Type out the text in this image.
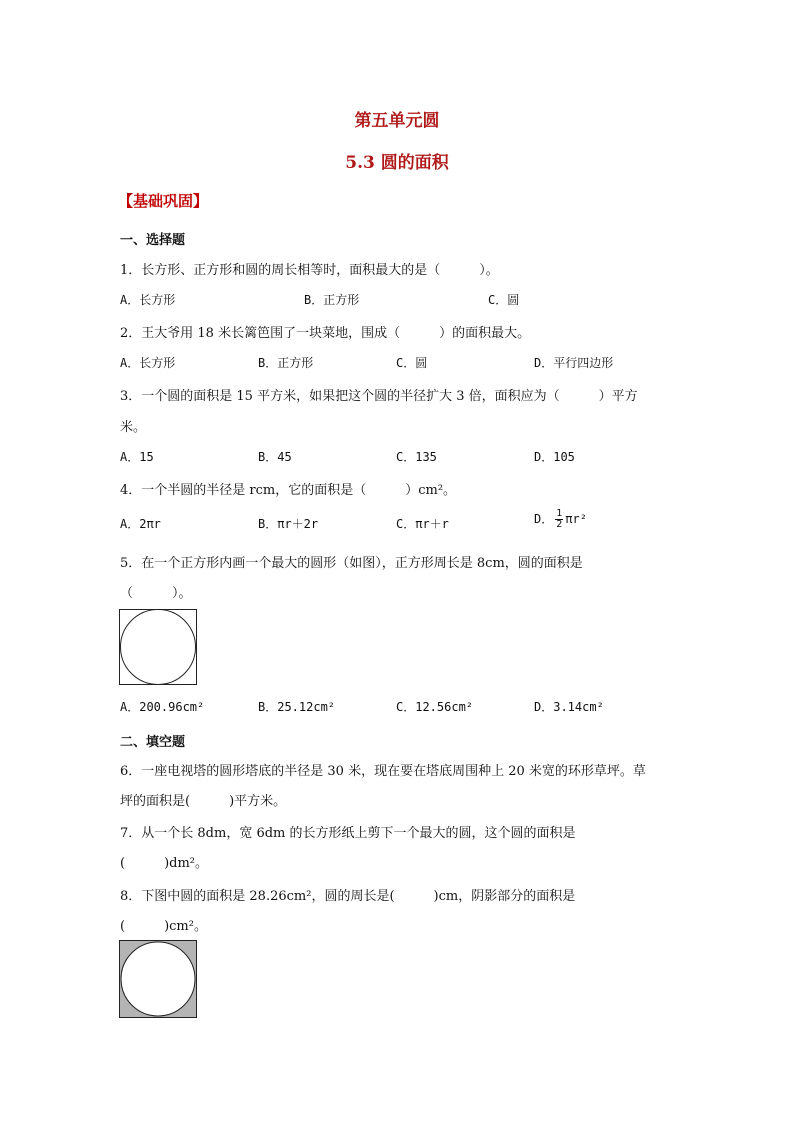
第五单元圆
5.3 圆的面积
【基础巩固】
一、选择题
1．长方形、正方形和圆的周长相等时，面积最大的是（　　　）。
A．长方形	B．正方形	C．圆
2．王大爷用 18 米长篱笆围了一块菜地，围成（　　　）的面积最大。
A．长方形	B．正方形	C．圆	D．平行四边形
3．一个圆的面积是 15 平方米，如果把这个圆的半径扩大 3 倍，面积应为（　　　）平方
米。
A．15	B．45	C．135	D．105
4．一个半圆的半径是 rcm，它的面积是（　　　）cm²。
A．2πr	B．πr＋2r	C．πr＋r	D． $\frac{1}{2} \pi r^2$
5．在一个正方形内画一个最大的圆形（如图），正方形周长是 8cm，圆的面积是
（　　　）。
A．200.96cm²	B．25.12cm²	C．12.56cm²	D．3.14cm²
二、填空题
6．一座电视塔的圆形塔底的半径是 30 米，现在要在塔底周围种上 20 米宽的环形草坪。草
坪的面积是(　　　)平方米。
7．从一个长 8dm，宽 6dm 的长方形纸上剪下一个最大的圆，这个圆的面积是
(　　　)dm²。
8．下图中圆的面积是 28.26cm²，圆的周长是(　　　)cm，阴影部分的面积是
(　　　)cm²。
